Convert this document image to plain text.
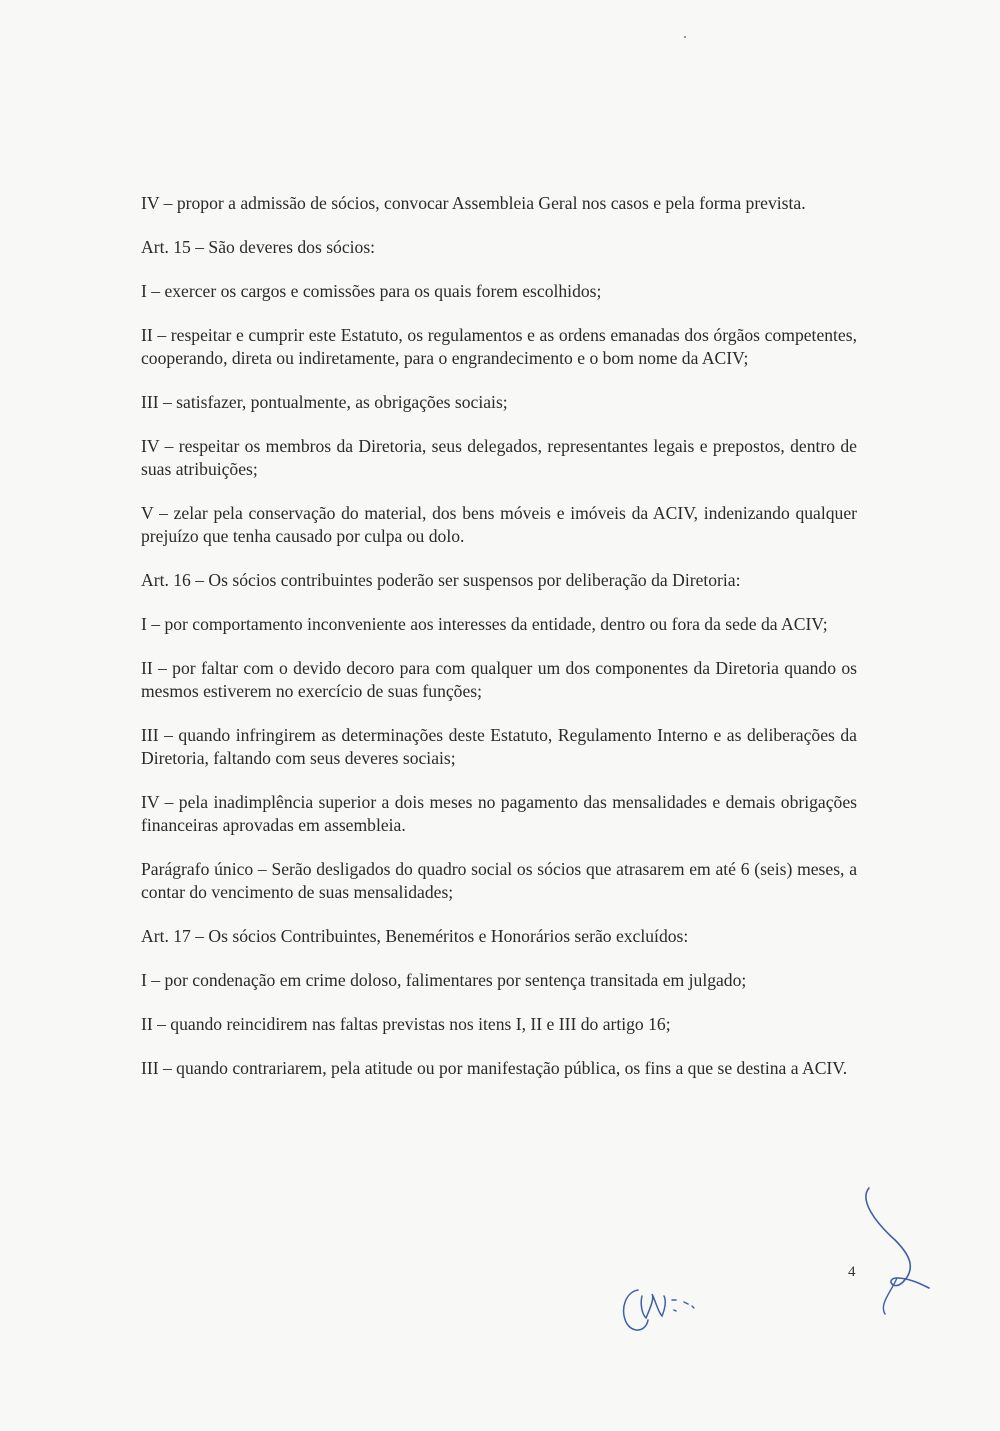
IV – propor a admissão de sócios, convocar Assembleia Geral nos casos e pela forma prevista.

Art. 15 – São deveres dos sócios:

I – exercer os cargos e comissões para os quais forem escolhidos;

II – respeitar e cumprir este Estatuto, os regulamentos e as ordens emanadas dos órgãos competentes, cooperando, direta ou indiretamente, para o engrandecimento e o bom nome da ACIV;

III – satisfazer, pontualmente, as obrigações sociais;

IV – respeitar os membros da Diretoria, seus delegados, representantes legais e prepostos, dentro de suas atribuições;

V – zelar pela conservação do material, dos bens móveis e imóveis da ACIV, indenizando qualquer prejuízo que tenha causado por culpa ou dolo.

Art. 16 – Os sócios contribuintes poderão ser suspensos por deliberação da Diretoria:

I – por comportamento inconveniente aos interesses da entidade, dentro ou fora da sede da ACIV;

II – por faltar com o devido decoro para com qualquer um dos componentes da Diretoria quando os mesmos estiverem no exercício de suas funções;

III – quando infringirem as determinações deste Estatuto, Regulamento Interno e as deliberações da Diretoria, faltando com seus deveres sociais;

IV – pela inadimplência superior a dois meses no pagamento das mensalidades e demais obrigações financeiras aprovadas em assembleia.

Parágrafo único – Serão desligados do quadro social os sócios que atrasarem em até 6 (seis) meses, a contar do vencimento de suas mensalidades;

Art. 17 – Os sócios Contribuintes, Beneméritos e Honorários serão excluídos:

I – por condenação em crime doloso, falimentares por sentença transitada em julgado;

II – quando reincidirem nas faltas previstas nos itens I, II e III do artigo 16;

III – quando contrariarem, pela atitude ou por manifestação pública, os fins a que se destina a ACIV.

4
